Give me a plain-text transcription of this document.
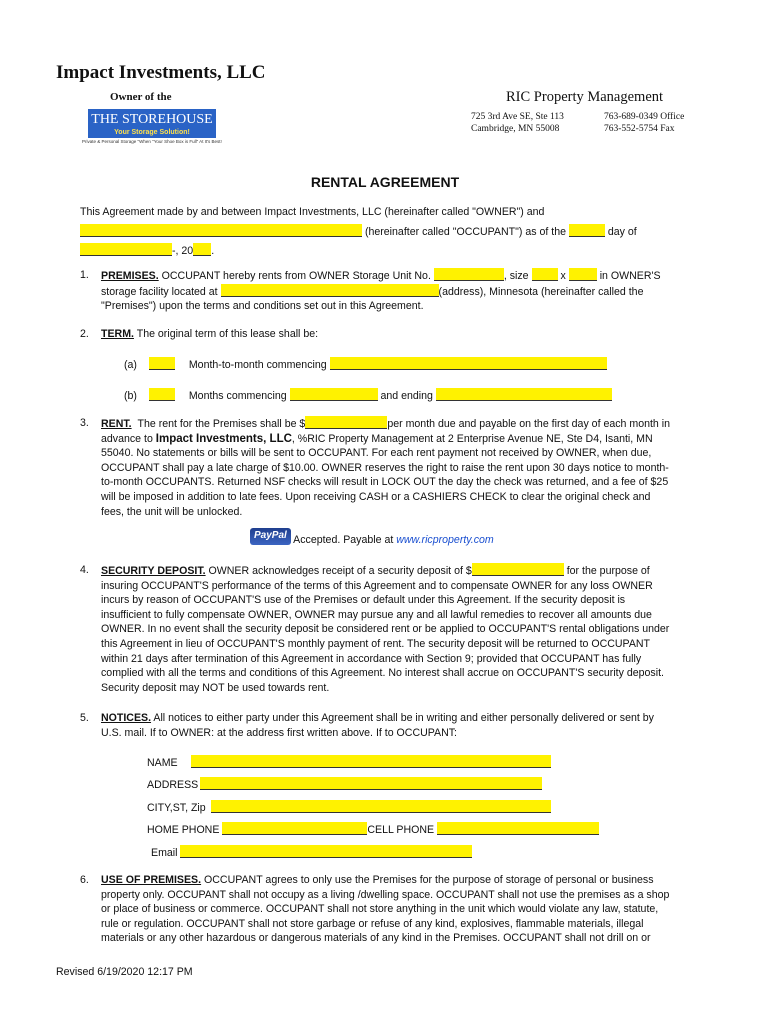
Impact Investments, LLC
Owner of the
THE STOREHOUSE
Your Storage Solution!
Private & Personal Storage "When "Your Shoe Box is Full" At It's Best!
RIC Property Management
725 3rd Ave SE, Ste 113
Cambridge, MN 55008
763-689-0349 Office
763-552-5754 Fax
RENTAL AGREEMENT
This Agreement made by and between Impact Investments, LLC (hereinafter called "OWNER") and
(hereinafter called "OCCUPANT") as of the	day of
-, 20 .
1. PREMISES. OCCUPANT hereby rents from OWNER Storage Unit No.	, size	x	in OWNER'S
storage facility located at	(address), Minnesota (hereinafter called the
"Premises") upon the terms and conditions set out in this Agreement.
2. TERM. The original term of this lease shall be:
(a)	Month-to-month commencing
(b)	Months commencing	and ending
3. RENT. The rent for the Premises shall be $	per month due and payable on the first day of each month in
advance to Impact Investments, LLC, %RIC Property Management at 2 Enterprise Avenue NE, Ste D4, Isanti, MN
55040. No statements or bills will be sent to OCCUPANT. For each rent payment not received by OWNER, when due,
OCCUPANT shall pay a late charge of $10.00. OWNER reserves the right to raise the rent upon 30 days notice to month-
to-month OCCUPANTS. Returned NSF checks will result in LOCK OUT the day the check was returned, and a fee of $25
will be imposed in addition to late fees. Upon receiving CASH or a CASHIERS CHECK to clear the original check and
fees, the unit will be unlocked.
PayPal Accepted. Payable at www.ricproperty.com
4. SECURITY DEPOSIT. OWNER acknowledges receipt of a security deposit of $	for the purpose of
insuring OCCUPANT'S performance of the terms of this Agreement and to compensate OWNER for any loss OWNER
incurs by reason of OCCUPANT'S use of the Premises or default under this Agreement. If the security deposit is
insufficient to fully compensate OWNER, OWNER may pursue any and all lawful remedies to recover all amounts due
OWNER. In no event shall the security deposit be considered rent or be applied to OCCUPANT'S rental obligations under
this Agreement in lieu of OCCUPANT'S monthly payment of rent. The security deposit will be returned to OCCUPANT
within 21 days after termination of this Agreement in accordance with Section 9; provided that OCCUPANT has fully
complied with all the terms and conditions of this Agreement. No interest shall accrue on OCCUPANT'S security deposit.
Security deposit may NOT be used towards rent.
5. NOTICES. All notices to either party under this Agreement shall be in writing and either personally delivered or sent by
U.S. mail. If to OWNER: at the address first written above. If to OCCUPANT:
NAME
ADDRESS
CITY,ST, Zip
HOME PHONE	CELL PHONE
Email
6. USE OF PREMISES. OCCUPANT agrees to only use the Premises for the purpose of storage of personal or business
property only. OCCUPANT shall not occupy as a living /dwelling space. OCCUPANT shall not use the premises as a shop
or place of business or commerce. OCCUPANT shall not store anything in the unit which would violate any law, statute,
rule or regulation. OCCUPANT shall not store garbage or refuse of any kind, explosives, flammable materials, illegal
materials or any other hazardous or dangerous materials of any kind in the Premises. OCCUPANT shall not drill on or
Revised 6/19/2020 12:17 PM
